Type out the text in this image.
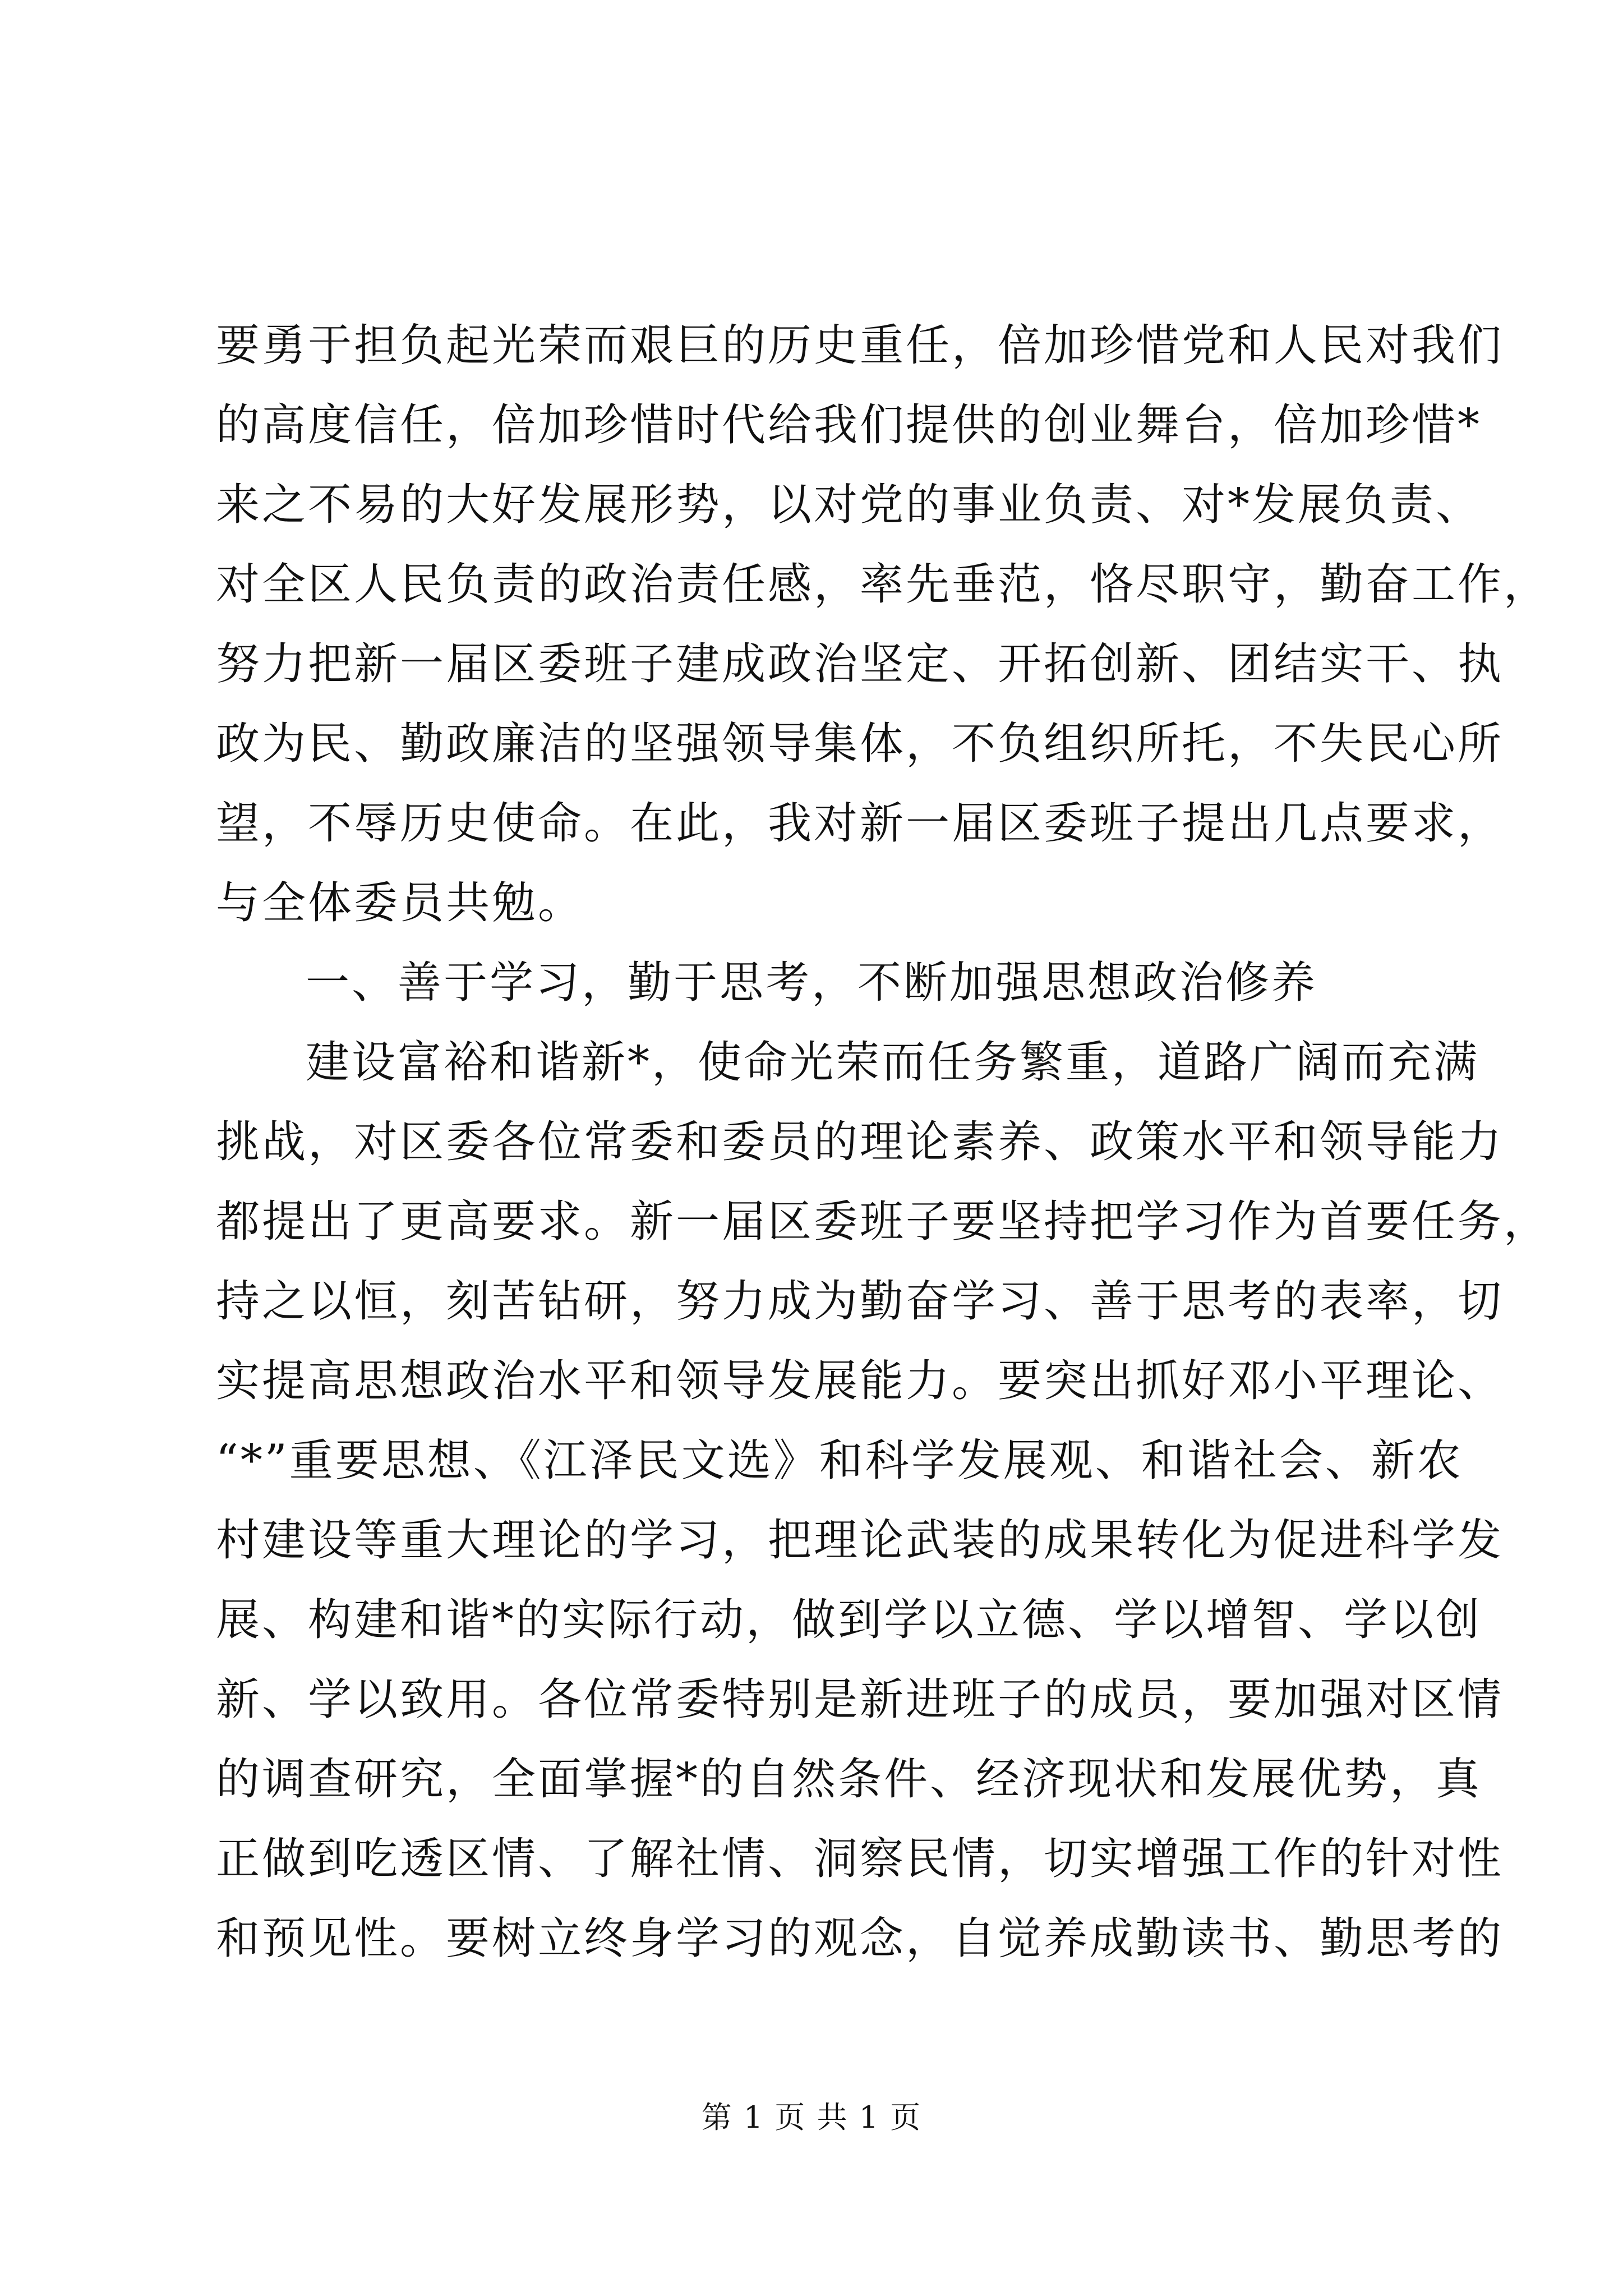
要勇于担负起光荣而艰巨的历史重任，倍加珍惜党和人民对我们
的高度信任，倍加珍惜时代给我们提供的创业舞台，倍加珍惜*
来之不易的大好发展形势，以对党的事业负责、对*发展负责、
对全区人民负责的政治责任感，率先垂范，恪尽职守，勤奋工作，
努力把新一届区委班子建成政治坚定、开拓创新、团结实干、执
政为民、勤政廉洁的坚强领导集体，不负组织所托，不失民心所
望，不辱历史使命。在此，我对新一届区委班子提出几点要求，
与全体委员共勉。
一、善于学习，勤于思考，不断加强思想政治修养
建设富裕和谐新*，使命光荣而任务繁重，道路广阔而充满
挑战，对区委各位常委和委员的理论素养、政策水平和领导能力
都提出了更高要求。新一届区委班子要坚持把学习作为首要任务，
持之以恒，刻苦钻研，努力成为勤奋学习、善于思考的表率，切
实提高思想政治水平和领导发展能力。要突出抓好邓小平理论、
“*”重要思想、《江泽民文选》和科学发展观、和谐社会、新农
村建设等重大理论的学习，把理论武装的成果转化为促进科学发
展、构建和谐*的实际行动，做到学以立德、学以增智、学以创
新、学以致用。各位常委特别是新进班子的成员，要加强对区情
的调查研究，全面掌握*的自然条件、经济现状和发展优势，真
正做到吃透区情、了解社情、洞察民情，切实增强工作的针对性
和预见性。要树立终身学习的观念，自觉养成勤读书、勤思考的
第 1 页 共 1 页
